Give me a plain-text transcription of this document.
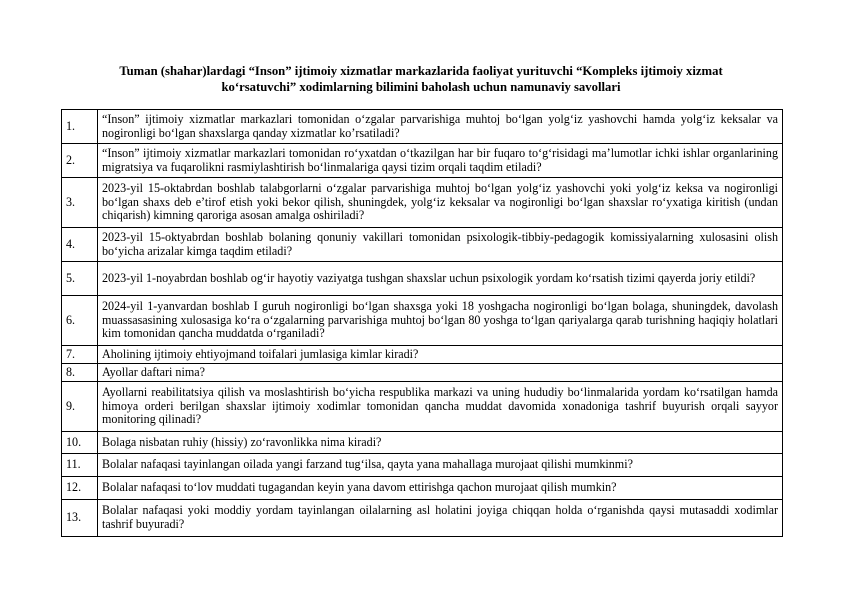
Tuman (shahar)lardagi “Inson” ijtimoiy xizmatlar markazlarida faoliyat yurituvchi “Kompleks ijtimoiy xizmat
ko‘rsatuvchi” xodimlarning bilimini baholash uchun namunaviy savollari
1.	“Inson” ijtimoiy xizmatlar markazlari tomonidan o‘zgalar parvarishiga muhtoj bo‘lgan yolg‘iz yashovchi hamda yolg‘iz keksalar va nogironligi bo‘lgan shaxslarga qanday xizmatlar ko’rsatiladi?
2.	“Inson” ijtimoiy xizmatlar markazlari tomonidan ro‘yxatdan o‘tkazilgan har bir fuqaro to‘g‘risidagi ma’lumotlar ichki ishlar organlarining migratsiya va fuqarolikni rasmiylashtirish bo‘linmalariga qaysi tizim orqali taqdim etiladi?
3.	2023-yil 15-oktabrdan boshlab talabgorlarni o‘zgalar parvarishiga muhtoj bo‘lgan yolg‘iz yashovchi yoki yolg‘iz keksa va nogironligi bo‘lgan shaxs deb e’tirof etish yoki bekor qilish, shuningdek, yolg‘iz keksalar va nogironligi bo‘lgan shaxslar ro‘yxatiga kiritish (undan chiqarish) kimning qaroriga asosan amalga oshiriladi?
4.	2023-yil 15-oktyabrdan boshlab bolaning qonuniy vakillari tomonidan psixologik-tibbiy-pedagogik komissiyalarning xulosasini olish bo‘yicha arizalar kimga taqdim etiladi?
5.	2023-yil 1-noyabrdan boshlab og‘ir hayotiy vaziyatga tushgan shaxslar uchun psixologik yordam ko‘rsatish tizimi qayerda joriy etildi?
6.	2024-yil 1-yanvardan boshlab I guruh nogironligi bo‘lgan shaxsga yoki 18 yoshgacha nogironligi bo‘lgan bolaga, shuningdek, davolash muassasasining xulosasiga ko‘ra o‘zgalarning parvarishiga muhtoj bo‘lgan 80 yoshga to‘lgan qariyalarga qarab turishning haqiqiy holatlari kim tomonidan qancha muddatda o‘rganiladi?
7.	Aholining ijtimoiy ehtiyojmand toifalari jumlasiga kimlar kiradi?
8.	Ayollar daftari nima?
9.	Ayollarni reabilitatsiya qilish va moslashtirish bo‘yicha respublika markazi va uning hududiy bo‘linmalarida yordam ko‘rsatilgan hamda himoya orderi berilgan shaxslar ijtimoiy xodimlar tomonidan qancha muddat davomida xonadoniga tashrif buyurish orqali sayyor monitoring qilinadi?
10.	Bolaga nisbatan ruhiy (hissiy) zo‘ravonlikka nima kiradi?
11.	Bolalar nafaqasi tayinlangan oilada yangi farzand tug‘ilsa, qayta yana mahallaga murojaat qilishi mumkinmi?
12.	Bolalar nafaqasi to‘lov muddati tugagandan keyin yana davom ettirishga qachon murojaat qilish mumkin?
13.	Bolalar nafaqasi yoki moddiy yordam tayinlangan oilalarning asl holatini joyiga chiqqan holda o‘rganishda qaysi mutasaddi xodimlar tashrif buyuradi?
